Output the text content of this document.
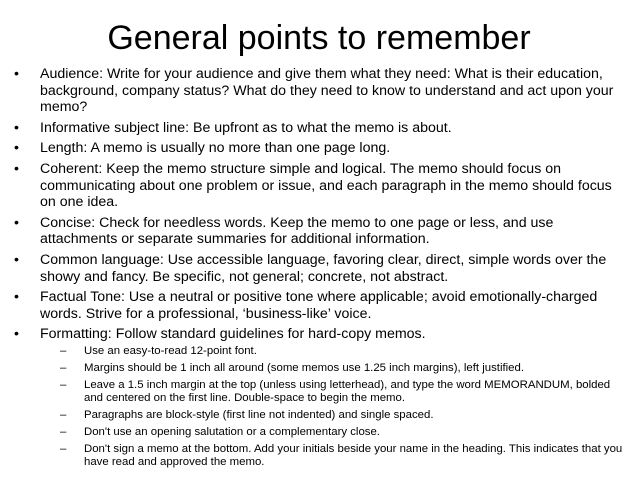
General points to remember
•	Audience: Write for your audience and give them what they need: What is their education, background, company status? What do they need to know to understand and act upon your memo?
•	Informative subject line: Be upfront as to what the memo is about.
•	Length: A memo is usually no more than one page long.
•	Coherent: Keep the memo structure simple and logical. The memo should focus on communicating about one problem or issue, and each paragraph in the memo should focus on one idea.
•	Concise: Check for needless words. Keep the memo to one page or less, and use attachments or separate summaries for additional information.
•	Common language: Use accessible language, favoring clear, direct, simple words over the showy and fancy. Be specific, not general; concrete, not abstract.
•	Factual Tone: Use a neutral or positive tone where applicable; avoid emotionally-charged words. Strive for a professional, ‘business-like’ voice.
•	Formatting: Follow standard guidelines for hard-copy memos.
– Use an easy-to-read 12-point font.
– Margins should be 1 inch all around (some memos use 1.25 inch margins), left justified.
– Leave a 1.5 inch margin at the top (unless using letterhead), and type the word MEMORANDUM, bolded and centered on the first line. Double-space to begin the memo.
– Paragraphs are block-style (first line not indented) and single spaced.
– Don't use an opening salutation or a complementary close.
– Don't sign a memo at the bottom. Add your initials beside your name in the heading. This indicates that you have read and approved the memo.
